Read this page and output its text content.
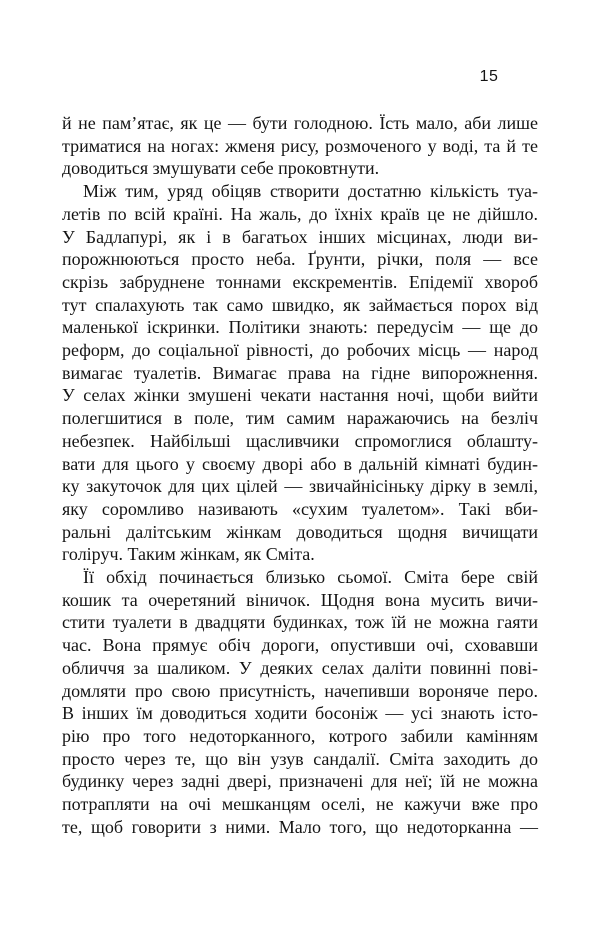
15
й не пам’ятає, як це — бути голодною. Їсть мало, аби лише
триматися на ногах: жменя рису, розмоченого у воді, та й те
доводиться змушувати себе проковтнути.
Між тим, уряд обіцяв створити достатню кількість туа-
летів по всій країні. На жаль, до їхніх країв це не дійшло.
У Бадлапурі, як і в багатьох інших місцинах, люди ви-
порожнюються просто неба. Ґрунти, річки, поля — все
скрізь забруднене тоннами екскрементів. Епідемії хвороб
тут спалахують так само швидко, як займається порох від
маленької іскринки. Політики знають: передусім — ще до
реформ, до соціальної рівності, до робочих місць — народ
вимагає туалетів. Вимагає права на гідне випорожнення.
У селах жінки змушені чекати настання ночі, щоби вийти
полегшитися в поле, тим самим наражаючись на безліч
небезпек. Найбільші щасливчики спромоглися облашту-
вати для цього у своєму дворі або в дальній кімнаті будин-
ку закуточок для цих цілей — звичайнісіньку дірку в землі,
яку соромливо називають «сухим туалетом». Такі вби-
ральні далітським жінкам доводиться щодня вичищати
голіруч. Таким жінкам, як Сміта.
Її обхід починається близько сьомої. Сміта бере свій
кошик та очеретяний віничок. Щодня вона мусить вичи-
стити туалети в двадцяти будинках, тож їй не можна гаяти
час. Вона прямує обіч дороги, опустивши очі, сховавши
обличчя за шаликом. У деяких селах даліти повинні пові-
домляти про свою присутність, начепивши вороняче перо.
В інших їм доводиться ходити босоніж — усі знають істо-
рію про того недоторканного, котрого забили камінням
просто через те, що він узув сандалії. Сміта заходить до
будинку через задні двері, призначені для неї; їй не можна
потрапляти на очі мешканцям оселі, не кажучи вже про
те, щоб говорити з ними. Мало того, що недоторканна —
